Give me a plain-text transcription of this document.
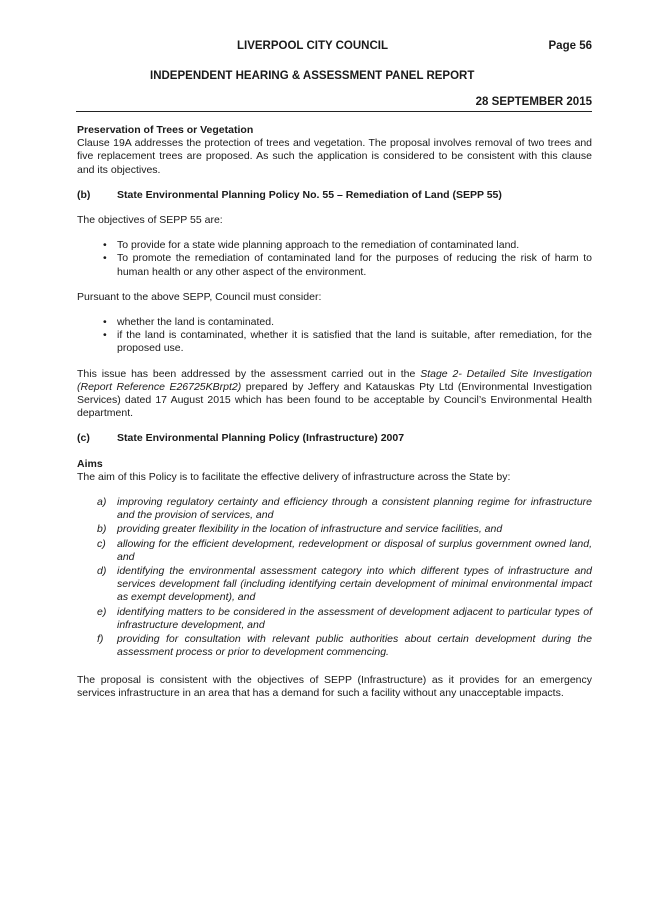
LIVERPOOL CITY COUNCIL	Page 56
INDEPENDENT HEARING & ASSESSMENT PANEL REPORT
28 SEPTEMBER 2015

Preservation of Trees or Vegetation

Clause 19A addresses the protection of trees and vegetation. The proposal involves removal of two trees and five replacement trees are proposed. As such the application is considered to be consistent with this clause and its objectives.

(b)	State Environmental Planning Policy No. 55 – Remediation of Land (SEPP 55)

The objectives of SEPP 55 are:

• To provide for a state wide planning approach to the remediation of contaminated land.
• To promote the remediation of contaminated land for the purposes of reducing the risk of harm to human health or any other aspect of the environment.

Pursuant to the above SEPP, Council must consider:

• whether the land is contaminated.
• if the land is contaminated, whether it is satisfied that the land is suitable, after remediation, for the proposed use.

This issue has been addressed by the assessment carried out in the Stage 2- Detailed Site Investigation (Report Reference E26725KBrpt2) prepared by Jeffery and Katauskas Pty Ltd (Environmental Investigation Services) dated 17 August 2015 which has been found to be acceptable by Council’s Environmental Health department.

(c)	State Environmental Planning Policy (Infrastructure) 2007

Aims

The aim of this Policy is to facilitate the effective delivery of infrastructure across the State by:

a) improving regulatory certainty and efficiency through a consistent planning regime for infrastructure and the provision of services, and
b) providing greater flexibility in the location of infrastructure and service facilities, and
c) allowing for the efficient development, redevelopment or disposal of surplus government owned land, and
d) identifying the environmental assessment category into which different types of infrastructure and services development fall (including identifying certain development of minimal environmental impact as exempt development), and
e) identifying matters to be considered in the assessment of development adjacent to particular types of infrastructure development, and
f) providing for consultation with relevant public authorities about certain development during the assessment process or prior to development commencing.

The proposal is consistent with the objectives of SEPP (Infrastructure) as it provides for an emergency services infrastructure in an area that has a demand for such a facility without any unacceptable impacts.
